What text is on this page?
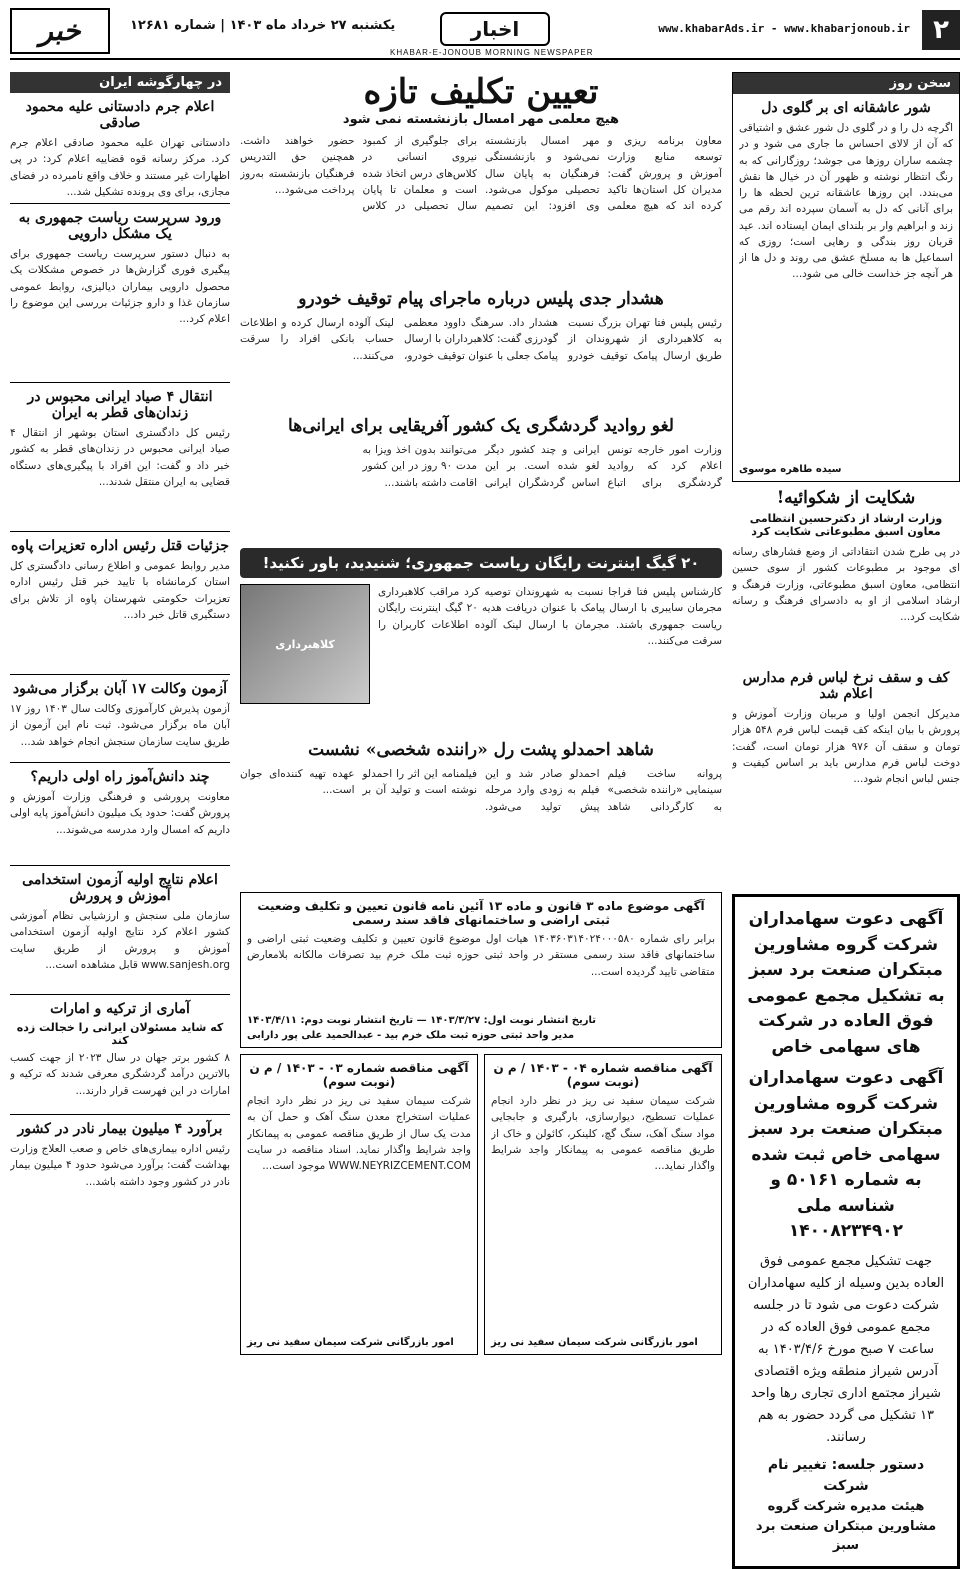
۲
www.khabarAds.ir - www.khabarjonoub.ir
اخبار
یکشنبه ۲۷ خرداد ماه ۱۴۰۳ | شماره ۱۲۶۸۱
خبر
KHABAR-E-JONOUB MORNING NEWSPAPER
سخن روز
شور عاشقانه ای بر گلوی دل
اگرچه دل را و در گلوی دل شور عشق و اشتیاقی که آن از لالای احساس ما جاری می شود و در چشمه ساران روزها می جوشد؛ روزگارانی که به رنگ انتظار نوشته و ظهور آن در خیال ها نقش می‌بندد. این روزها عاشقانه ترین لحظه ها را برای آنانی که دل به آسمان سپرده اند رقم می زند و ابراهیم وار بر بلندای ایمان ایستاده اند. عید قربان روز بندگی و رهایی است؛ روزی که اسماعیل ها به مسلخ عشق می روند و دل ها از هر آنچه جز خداست خالی می شود...
سیده طاهره موسوی
شکایت از شکوائیه!
وزارت ارشاد از دکترحسین انتظامی معاون اسبق مطبوعاتی شکایت کرد
در پی طرح شدن انتقاداتی از وضع فشارهای رسانه ای موجود بر مطبوعات کشور از سوی حسین انتظامی، معاون اسبق مطبوعاتی، وزارت فرهنگ و ارشاد اسلامی از او به دادسرای فرهنگ و رسانه شکایت کرد...
کف و سقف نرخ لباس فرم مدارس اعلام شد
مدیرکل انجمن اولیا و مربیان وزارت آموزش و پرورش با بیان اینکه کف قیمت لباس فرم ۵۴۸ هزار تومان و سقف آن ۹۷۶ هزار تومان است، گفت: دوخت لباس فرم مدارس باید بر اساس کیفیت و جنس لباس انجام شود...
آگهی دعوت سهامداران شرکت گروه مشاورین مبتکران صنعت برد سبز به تشکیل مجمع عمومی فوق العاده در شرکت های سهامی خاص
آگهی دعوت سهامداران شرکت گروه مشاورین مبتکران صنعت برد سبز سهامی خاص ثبت شده به شماره ۵۰۱۶۱ و شناسه ملی ۱۴۰۰۸۲۳۴۹۰۲
جهت تشکیل مجمع عمومی فوق العاده بدین وسیله از کلیه سهامداران شرکت دعوت می شود تا در جلسه مجمع عمومی فوق العاده که در ساعت ۷ صبح مورخ ۱۴۰۳/۴/۶ به آدرس شیراز منطقه ویژه اقتصادی شیراز مجتمع اداری تجاری رها واحد ۱۳ تشکیل می گردد حضور به هم رسانند.
دستور جلسه: تغییر نام شرکت
هیئت مدیره شرکت گروه مشاورین مبتکران صنعت برد سبز
تعیین تکلیف تازه
هیچ معلمی مهر امسال بازنشسته نمی شود
معاون برنامه ریزی و توسعه منابع وزارت آموزش و پرورش گفت: مدیران کل استان‌ها تاکید کرده اند که هیچ معلمی مهر امسال بازنشسته نمی‌شود و بازنشستگی فرهنگیان به پایان سال تحصیلی موکول می‌شود. وی افزود: این تصمیم برای جلوگیری از کمبود نیروی انسانی در کلاس‌های درس اتخاذ شده است و معلمان تا پایان سال تحصیلی در کلاس حضور خواهند داشت. همچنین حق التدریس فرهنگیان بازنشسته به‌روز پرداخت می‌شود...
هشدار جدی پلیس درباره ماجرای پیام توقیف خودرو
رئیس پلیس فتا تهران بزرگ نسبت به کلاهبرداری از شهروندان از طریق ارسال پیامک توقیف خودرو هشدار داد. سرهنگ داوود معظمی گودرزی گفت: کلاهبرداران با ارسال پیامک جعلی با عنوان توقیف خودرو، لینک آلوده ارسال کرده و اطلاعات حساب بانکی افراد را سرقت می‌کنند...
لغو روادید گردشگری یک کشور آفریقایی برای ایرانی‌ها
وزارت امور خارجه تونس اعلام کرد که روادید گردشگری برای اتباع ایرانی و چند کشور دیگر لغو شده است. بر این اساس گردشگران ایرانی می‌توانند بدون اخذ ویزا به مدت ۹۰ روز در این کشور اقامت داشته باشند...
۲۰ گیگ اینترنت رایگان ریاست جمهوری؛ شنیدید، باور نکنید!
کلاهبرداری
کارشناس پلیس فتا فراجا نسبت به شهروندان توصیه کرد مراقب کلاهبرداری مجرمان سایبری با ارسال پیامک با عنوان دریافت هدیه ۲۰ گیگ اینترنت رایگان ریاست جمهوری باشند. مجرمان با ارسال لینک آلوده اطلاعات کاربران را سرقت می‌کنند...
شاهد احمدلو پشت رل «راننده شخصی» نشست
پروانه ساخت فیلم سینمایی «راننده شخصی» به کارگردانی شاهد احمدلو صادر شد و این فیلم به زودی وارد مرحله پیش تولید می‌شود. فیلمنامه این اثر را احمدلو نوشته است و تولید آن بر عهده تهیه کننده‌ای جوان است...
آگهی موضوع ماده ۳ قانون و ماده ۱۳ آئین نامه قانون تعیین و تکلیف وضعیت ثبتی اراضی و ساختمانهای فاقد سند رسمی
برابر رای شماره ۱۴۰۳۶۰۳۱۴۰۲۴۰۰۰۵۸۰ هیات اول موضوع قانون تعیین و تکلیف وضعیت ثبتی اراضی و ساختمانهای فاقد سند رسمی مستقر در واحد ثبتی حوزه ثبت ملک خرم بید تصرفات مالکانه بلامعارض متقاضی تایید گردیده است...
تاریخ انتشار نوبت اول: ۱۴۰۳/۳/۲۷ — تاریخ انتشار نوبت دوم: ۱۴۰۳/۴/۱۱
مدیر واحد ثبتی حوزه ثبت ملک خرم بید - عبدالحمید علی پور دارابی
آگهی مناقصه شماره ۰۴ - ۱۴۰۳ / م ن (نوبت سوم)
شرکت سیمان سفید نی ریز در نظر دارد انجام عملیات تسطیح، دیوارسازی، بارگیری و جابجایی مواد سنگ آهک، سنگ گچ، کلینکر، کائولن و خاک از طریق مناقصه عمومی به پیمانکار واجد شرایط واگذار نماید...
امور بازرگانی شرکت سیمان سفید نی ریز
آگهی مناقصه شماره ۰۳ - ۱۴۰۳ / م ن (نوبت سوم)
شرکت سیمان سفید نی ریز در نظر دارد انجام عملیات استخراج معدن سنگ آهک و حمل آن به مدت یک سال از طریق مناقصه عمومی به پیمانکار واجد شرایط واگذار نماید. اسناد مناقصه در سایت WWW.NEYRIZCEMENT.COM موجود است...
امور بازرگانی شرکت سیمان سفید نی ریز
در چهارگوشه ایران
اعلام جرم دادستانی علیه محمود صادقی
دادستانی تهران علیه محمود صادقی اعلام جرم کرد. مرکز رسانه قوه قضاییه اعلام کرد: در پی اظهارات غیر مستند و خلاف واقع نامبرده در فضای مجازی، برای وی پرونده تشکیل شد...
ورود سرپرست ریاست جمهوری به یک مشکل دارویی
به دنبال دستور سرپرست ریاست جمهوری برای پیگیری فوری گزارش‌ها در خصوص مشکلات یک محصول دارویی بیماران دیالیزی، روابط عمومی سازمان غذا و دارو جزئیات بررسی این موضوع را اعلام کرد...
انتقال ۴ صیاد ایرانی محبوس در زندان‌های قطر به ایران
رئیس کل دادگستری استان بوشهر از انتقال ۴ صیاد ایرانی محبوس در زندان‌های قطر به کشور خبر داد و گفت: این افراد با پیگیری‌های دستگاه قضایی به ایران منتقل شدند...
جزئیات قتل رئیس اداره تعزیرات پاوه
مدیر روابط عمومی و اطلاع رسانی دادگستری کل استان کرمانشاه با تایید خبر قتل رئیس اداره تعزیرات حکومتی شهرستان پاوه از تلاش برای دستگیری قاتل خبر داد...
آزمون وکالت ۱۷ آبان برگزار می‌شود
آزمون پذیرش کارآموزی وکالت سال ۱۴۰۳ روز ۱۷ آبان ماه برگزار می‌شود. ثبت نام این آزمون از طریق سایت سازمان سنجش انجام خواهد شد...
چند دانش‌آموز راه اولی داریم؟
معاونت پرورشی و فرهنگی وزارت آموزش و پرورش گفت: حدود یک میلیون دانش‌آموز پایه اولی داریم که امسال وارد مدرسه می‌شوند...
اعلام نتایج اولیه آزمون استخدامی آموزش و پرورش
سازمان ملی سنجش و ارزشیابی نظام آموزشی کشور اعلام کرد نتایج اولیه آزمون استخدامی آموزش و پرورش از طریق سایت www.sanjesh.org قابل مشاهده است...
آماری از ترکیه و امارات
که شاید مسئولان ایرانی را خجالت زده کند
۸ کشور برتر جهان در سال ۲۰۲۳ از جهت کسب بالاترین درآمد گردشگری معرفی شدند که ترکیه و امارات در این فهرست قرار دارند...
برآورد ۴ میلیون بیمار نادر در کشور
رئیس اداره بیماری‌های خاص و صعب العلاج وزارت بهداشت گفت: برآورد می‌شود حدود ۴ میلیون بیمار نادر در کشور وجود داشته باشد...
